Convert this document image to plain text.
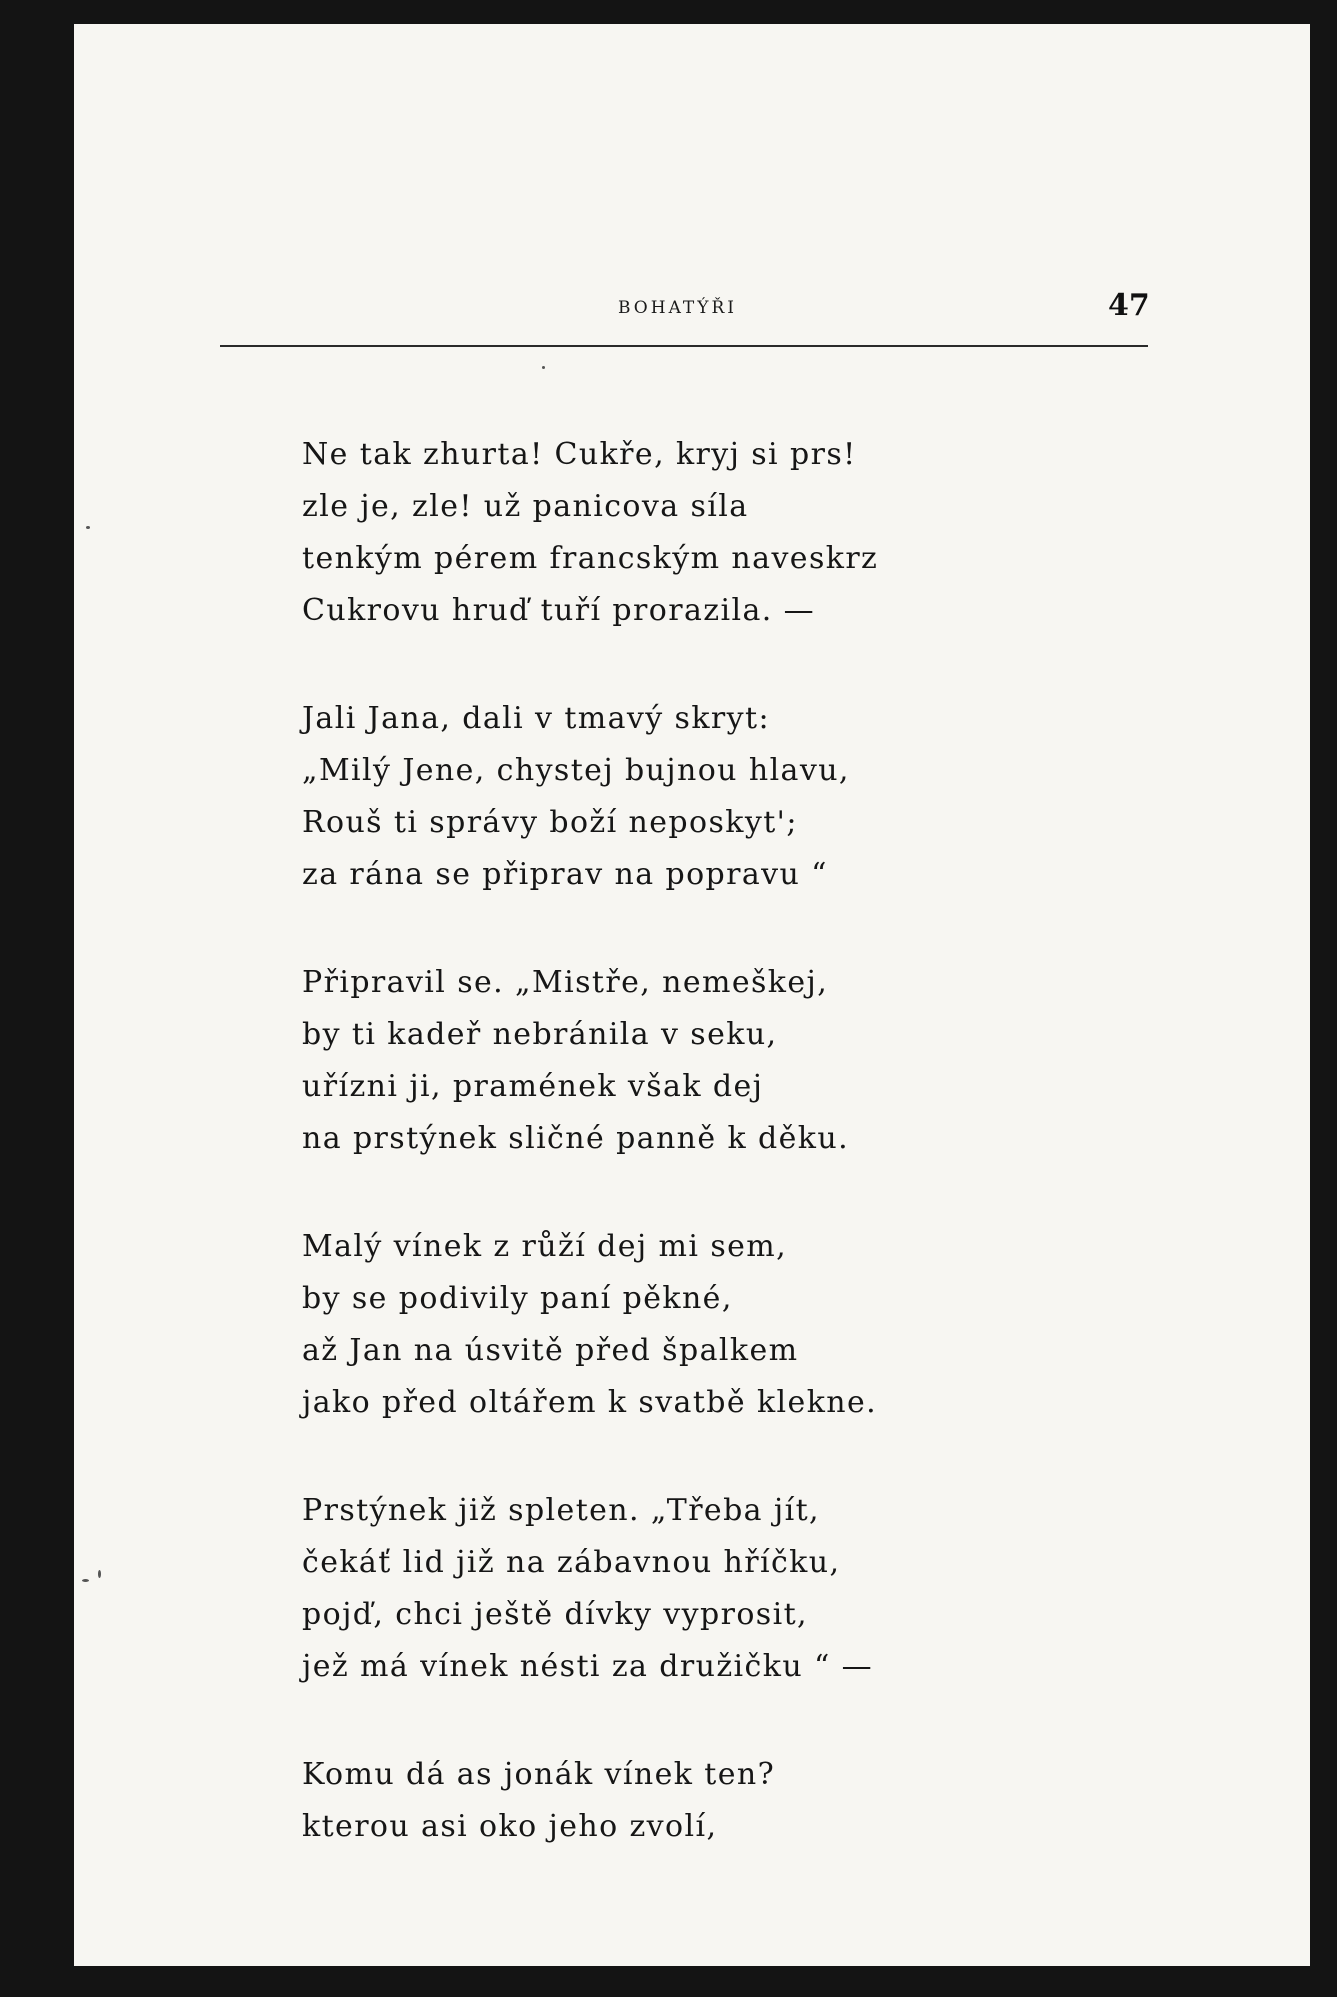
BOHATÝŘI	47
Ne tak zhurta! Cukře, kryj si prs!
zle je, zle! už panicova síla
tenkým pérem francským naveskrz
Cukrovu hruď tuří prorazila. —
Jali Jana, dali v tmavý skryt:
„Milý Jene, chystej bujnou hlavu,
Rouš ti správy boží neposkyt';
za rána se připrav na popravu “
Připravil se. „Mistře, nemeškej,
by ti kadeř nebránila v seku,
uřízni ji, pramének však dej
na prstýnek sličné panně k děku.
Malý vínek z růží dej mi sem,
by se podivily paní pěkné,
až Jan na úsvitě před špalkem
jako před oltářem k svatbě klekne.
Prstýnek již spleten. „Třeba jít,
čekáť lid již na zábavnou hříčku,
pojď, chci ještě dívky vyprosit,
jež má vínek nésti za družičku “ —
Komu dá as jonák vínek ten?
kterou asi oko jeho zvolí,
